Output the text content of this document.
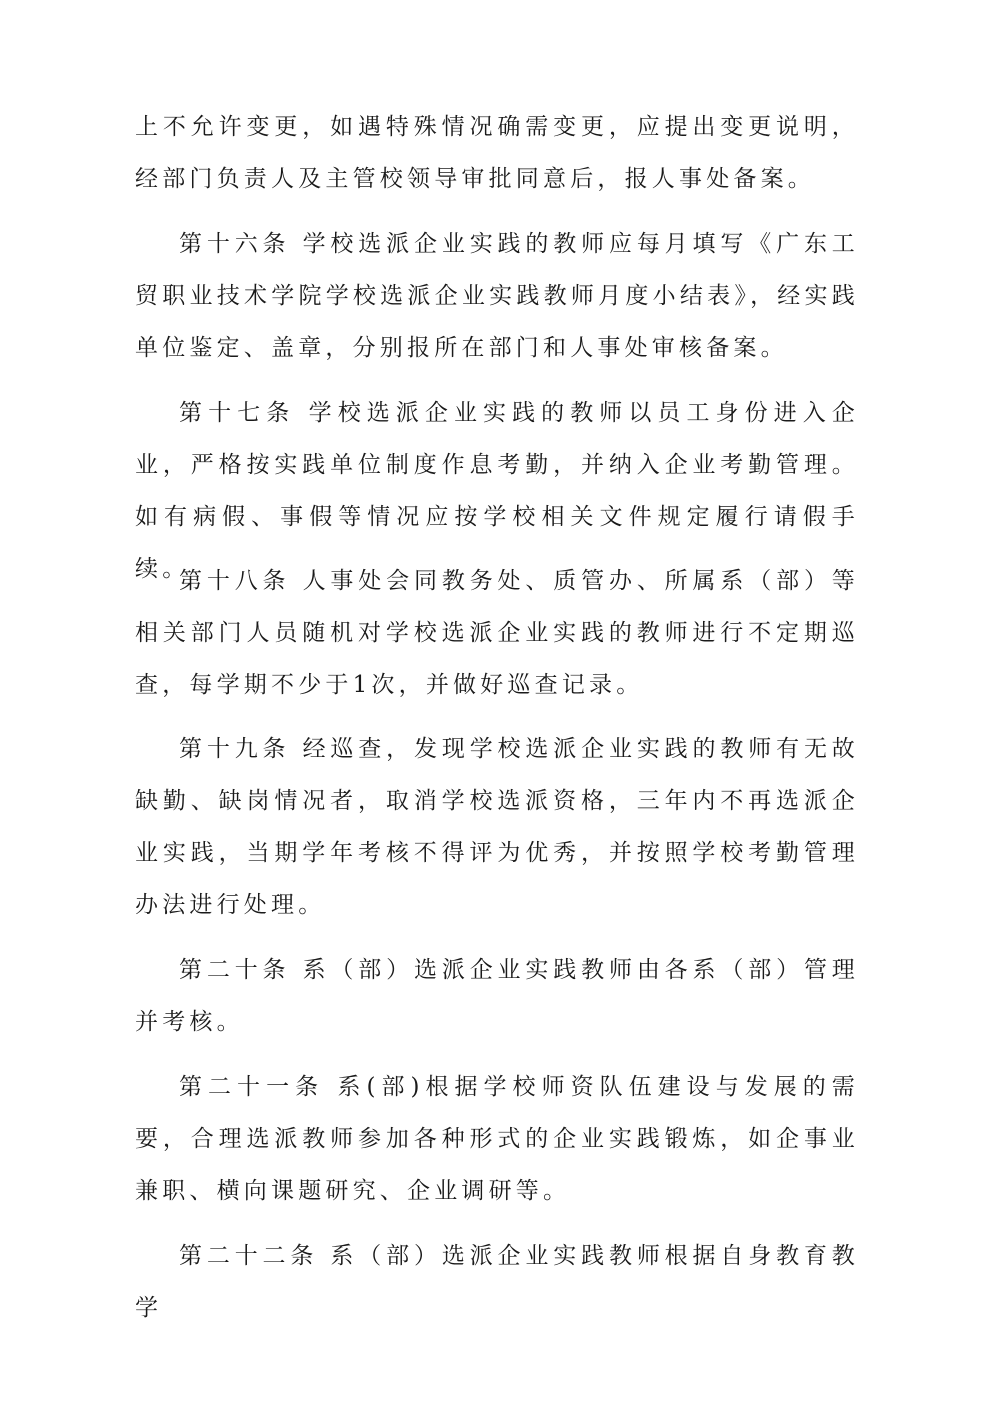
上不允许变更，如遇特殊情况确需变更，应提出变更说明，经部门负责人及主管校领导审批同意后，报人事处备案。

第十六条 学校选派企业实践的教师应每月填写《广东工贸职业技术学院学校选派企业实践教师月度小结表》，经实践单位鉴定、盖章，分别报所在部门和人事处审核备案。

第十七条 学校选派企业实践的教师以员工身份进入企业，严格按实践单位制度作息考勤，并纳入企业考勤管理。如有病假、事假等情况应按学校相关文件规定履行请假手续。

第十八条 人事处会同教务处、质管办、所属系（部）等相关部门人员随机对学校选派企业实践的教师进行不定期巡查，每学期不少于1次，并做好巡查记录。

第十九条 经巡查，发现学校选派企业实践的教师有无故缺勤、缺岗情况者，取消学校选派资格，三年内不再选派企业实践，当期学年考核不得评为优秀，并按照学校考勤管理办法进行处理。

第二十条 系（部）选派企业实践教师由各系（部）管理并考核。

第二十一条 系(部)根据学校师资队伍建设与发展的需要，合理选派教师参加各种形式的企业实践锻炼，如企事业兼职、横向课题研究、企业调研等。

第二十二条 系（部）选派企业实践教师根据自身教育教学
